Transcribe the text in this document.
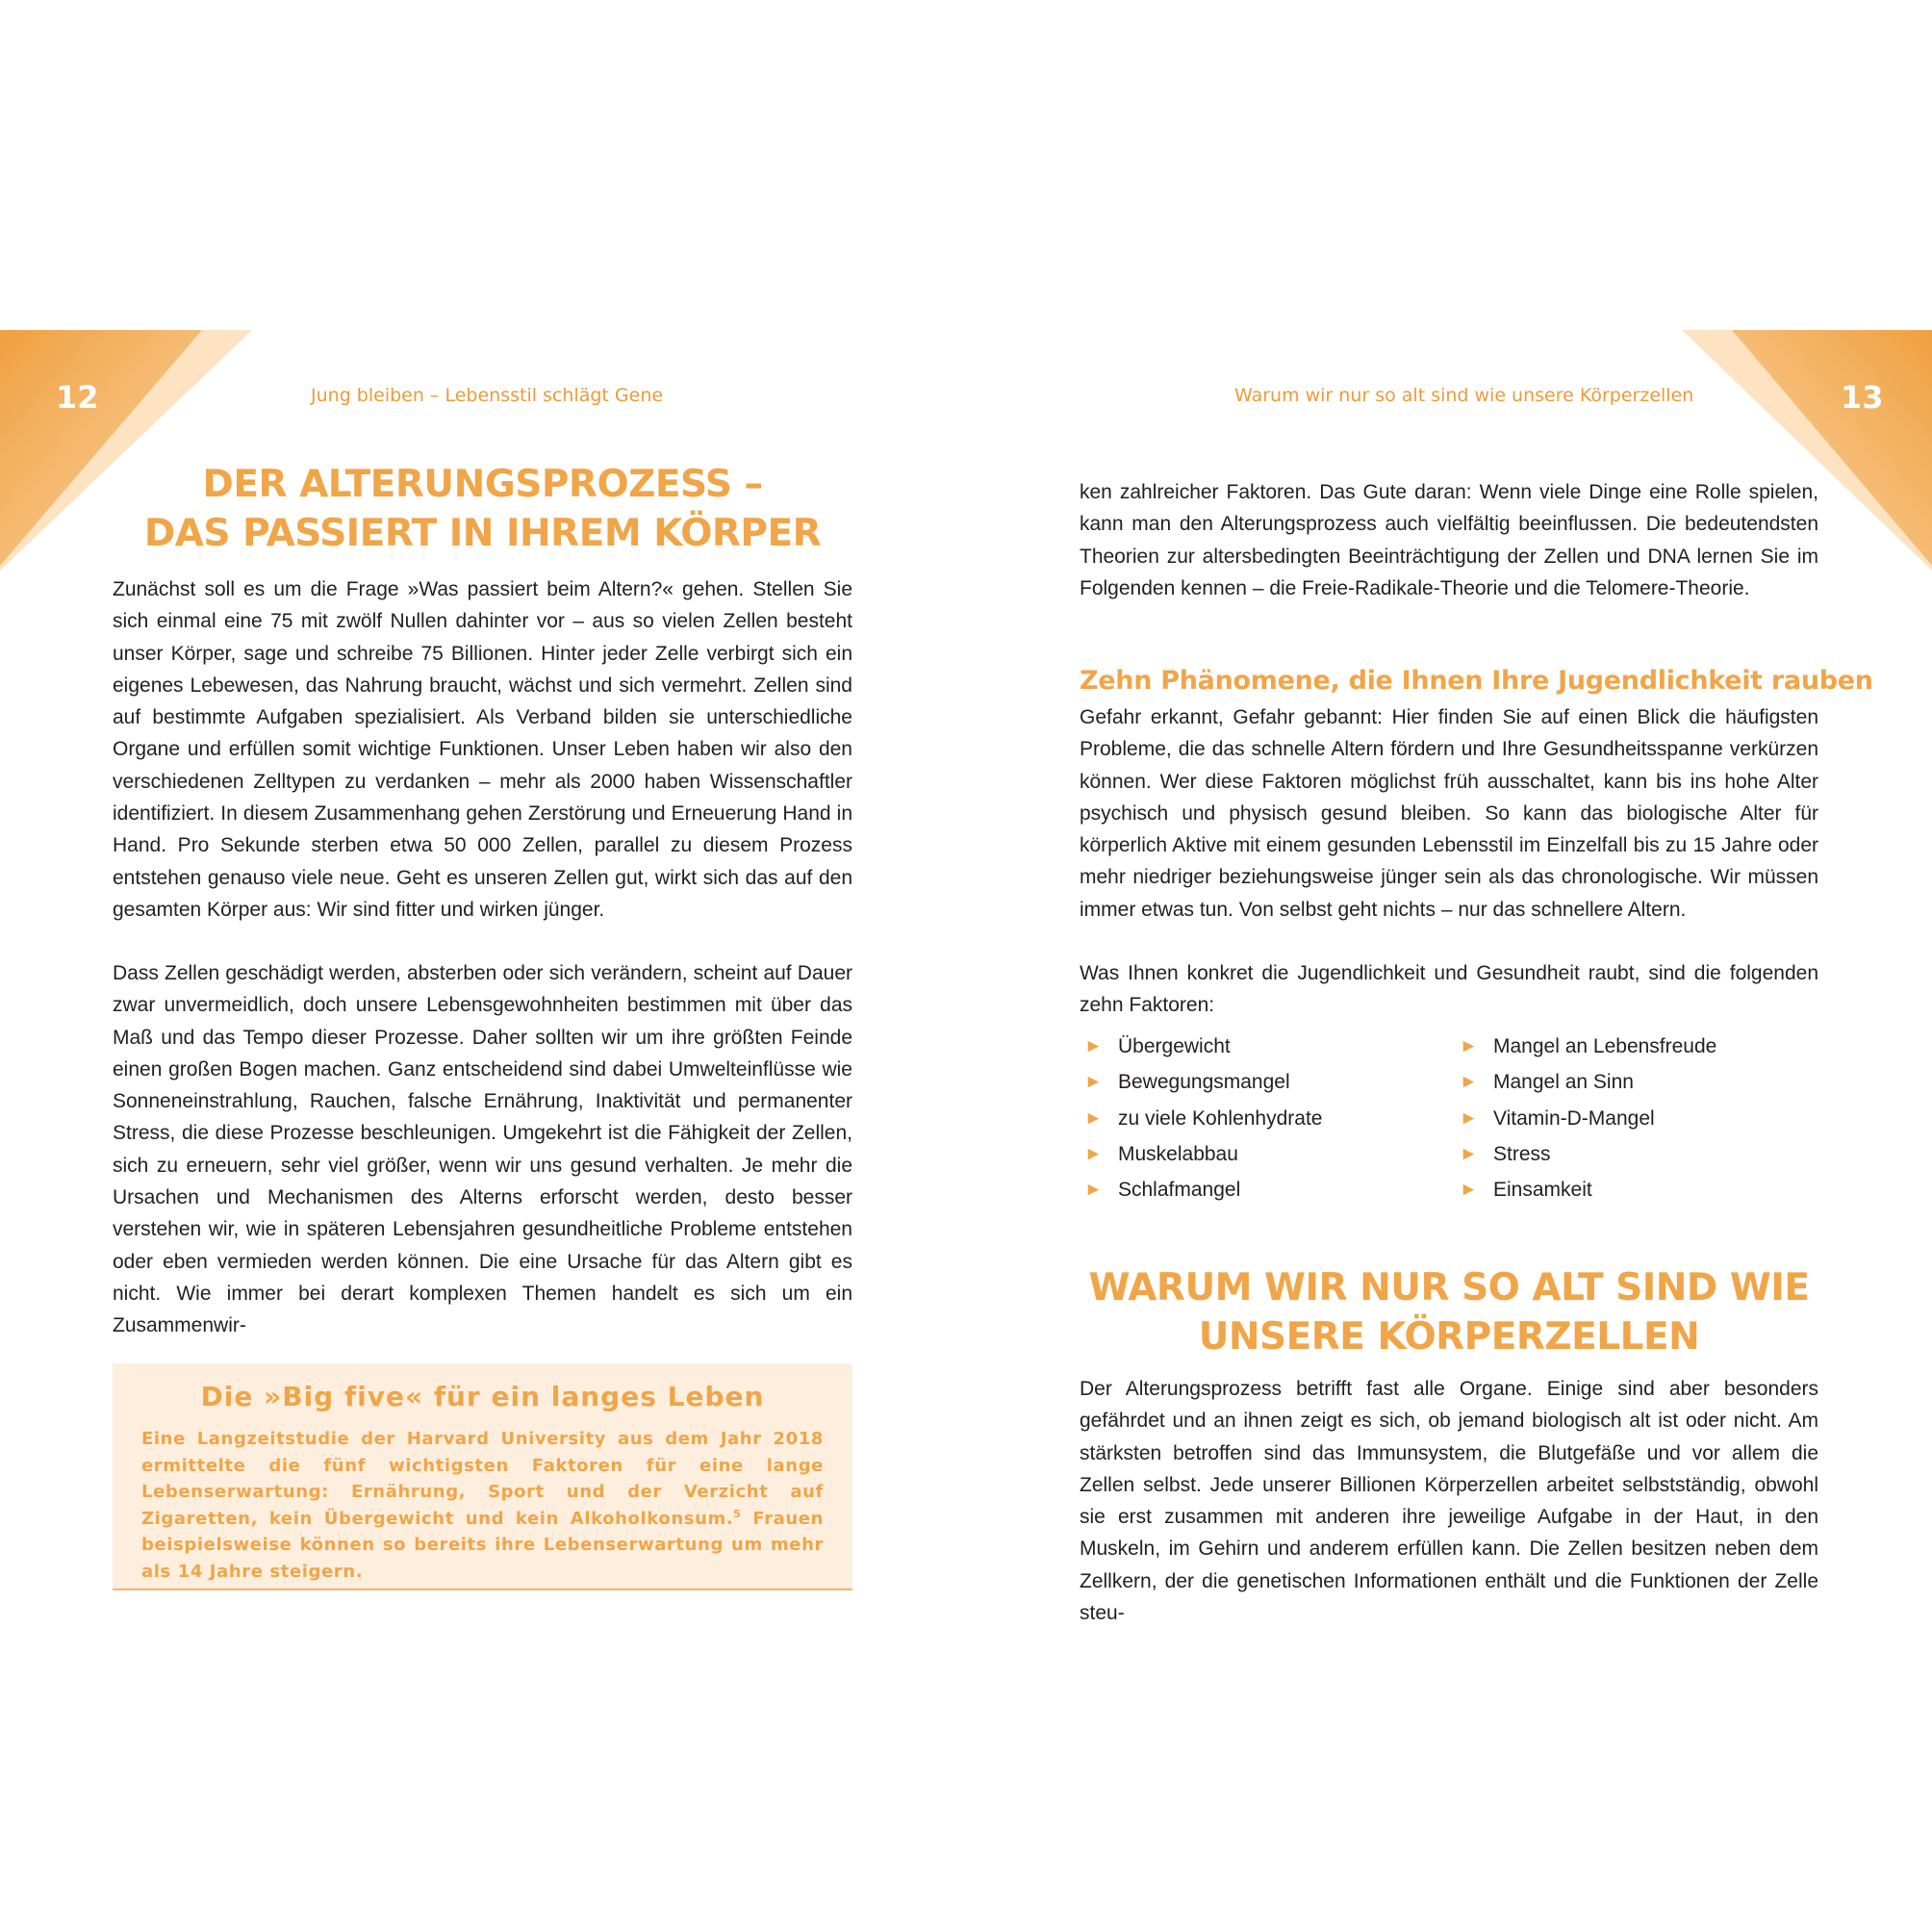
12	Jung bleiben – Lebensstil schlägt Gene	13
Warum wir nur so alt sind wie unsere Körperzellen
DER ALTERUNGSPROZESS –
DAS PASSIERT IN IHREM KÖRPER

Zunächst soll es um die Frage »Was passiert beim Altern?« gehen. Stellen Sie sich einmal eine 75 mit zwölf Nullen dahinter vor – aus so vielen Zellen besteht unser Körper, sage und schreibe 75 Billionen. Hinter jeder Zelle verbirgt sich ein eigenes Lebewesen, das Nahrung braucht, wächst und sich vermehrt. Zellen sind auf bestimmte Aufgaben spezialisiert. Als Verband bilden sie unterschiedliche Organe und erfüllen somit wichtige Funktionen. Unser Leben haben wir also den verschiedenen Zelltypen zu verdanken – mehr als 2000 haben Wissenschaftler identifiziert. In diesem Zusammenhang gehen Zerstörung und Erneuerung Hand in Hand. Pro Sekunde sterben etwa 50 000 Zellen, parallel zu diesem Prozess entstehen genauso viele neue. Geht es unseren Zellen gut, wirkt sich das auf den gesamten Körper aus: Wir sind fitter und wirken jünger.

Dass Zellen geschädigt werden, absterben oder sich verändern, scheint auf Dauer zwar unvermeidlich, doch unsere Lebensgewohnheiten bestimmen mit über das Maß und das Tempo dieser Prozesse. Daher sollten wir um ihre größten Feinde einen großen Bogen machen. Ganz entscheidend sind dabei Umwelteinflüsse wie Sonneneinstrahlung, Rauchen, falsche Ernährung, Inaktivität und permanenter Stress, die diese Prozesse beschleunigen. Umgekehrt ist die Fähigkeit der Zellen, sich zu erneuern, sehr viel größer, wenn wir uns gesund verhalten. Je mehr die Ursachen und Mechanismen des Alterns erforscht werden, desto besser verstehen wir, wie in späteren Lebensjahren gesundheitliche Probleme entstehen oder eben vermieden werden können. Die eine Ursache für das Altern gibt es nicht. Wie immer bei derart komplexen Themen handelt es sich um ein Zusammenwir-

Die »Big five« für ein langes Leben

Eine Langzeitstudie der Harvard University aus dem Jahr 2018 ermittelte die fünf wichtigsten Faktoren für eine lange Lebenserwartung: Ernährung, Sport und der Verzicht auf Zigaretten, kein Übergewicht und kein Alkoholkonsum.$^5$ Frauen beispielsweise können so bereits ihre Lebenserwartung um mehr als 14 Jahre steigern.

ken zahlreicher Faktoren. Das Gute daran: Wenn viele Dinge eine Rolle spielen, kann man den Alterungsprozess auch vielfältig beeinflussen. Die bedeutendsten Theorien zur altersbedingten Beeinträchtigung der Zellen und DNA lernen Sie im Folgenden kennen – die Freie-Radikale-Theorie und die Telomere-Theorie.

Zehn Phänomene, die Ihnen Ihre Jugendlichkeit rauben

Gefahr erkannt, Gefahr gebannt: Hier finden Sie auf einen Blick die häufigsten Probleme, die das schnelle Altern fördern und Ihre Gesundheitsspanne verkürzen können. Wer diese Faktoren möglichst früh ausschaltet, kann bis ins hohe Alter psychisch und physisch gesund bleiben. So kann das biologische Alter für körperlich Aktive mit einem gesunden Lebensstil im Einzelfall bis zu 15 Jahre oder mehr niedriger beziehungsweise jünger sein als das chronologische. Wir müssen immer etwas tun. Von selbst geht nichts – nur das schnellere Altern.

Was Ihnen konkret die Jugendlichkeit und Gesundheit raubt, sind die folgenden zehn Faktoren:

► Übergewicht
► Bewegungsmangel
► zu viele Kohlenhydrate
► Muskelabbau
► Schlafmangel
► Mangel an Lebensfreude
► Mangel an Sinn
► Vitamin-D-Mangel
► Stress
► Einsamkeit
WARUM WIR NUR SO ALT SIND WIE
UNSERE KÖRPERZELLEN

Der Alterungsprozess betrifft fast alle Organe. Einige sind aber besonders gefährdet und an ihnen zeigt es sich, ob jemand biologisch alt ist oder nicht. Am stärksten betroffen sind das Immunsystem, die Blutgefäße und vor allem die Zellen selbst. Jede unserer Billionen Körperzellen arbeitet selbstständig, obwohl sie erst zusammen mit anderen ihre jeweilige Aufgabe in der Haut, in den Muskeln, im Gehirn und anderem erfüllen kann. Die Zellen besitzen neben dem Zellkern, der die genetischen Informationen enthält und die Funktionen der Zelle steu-
